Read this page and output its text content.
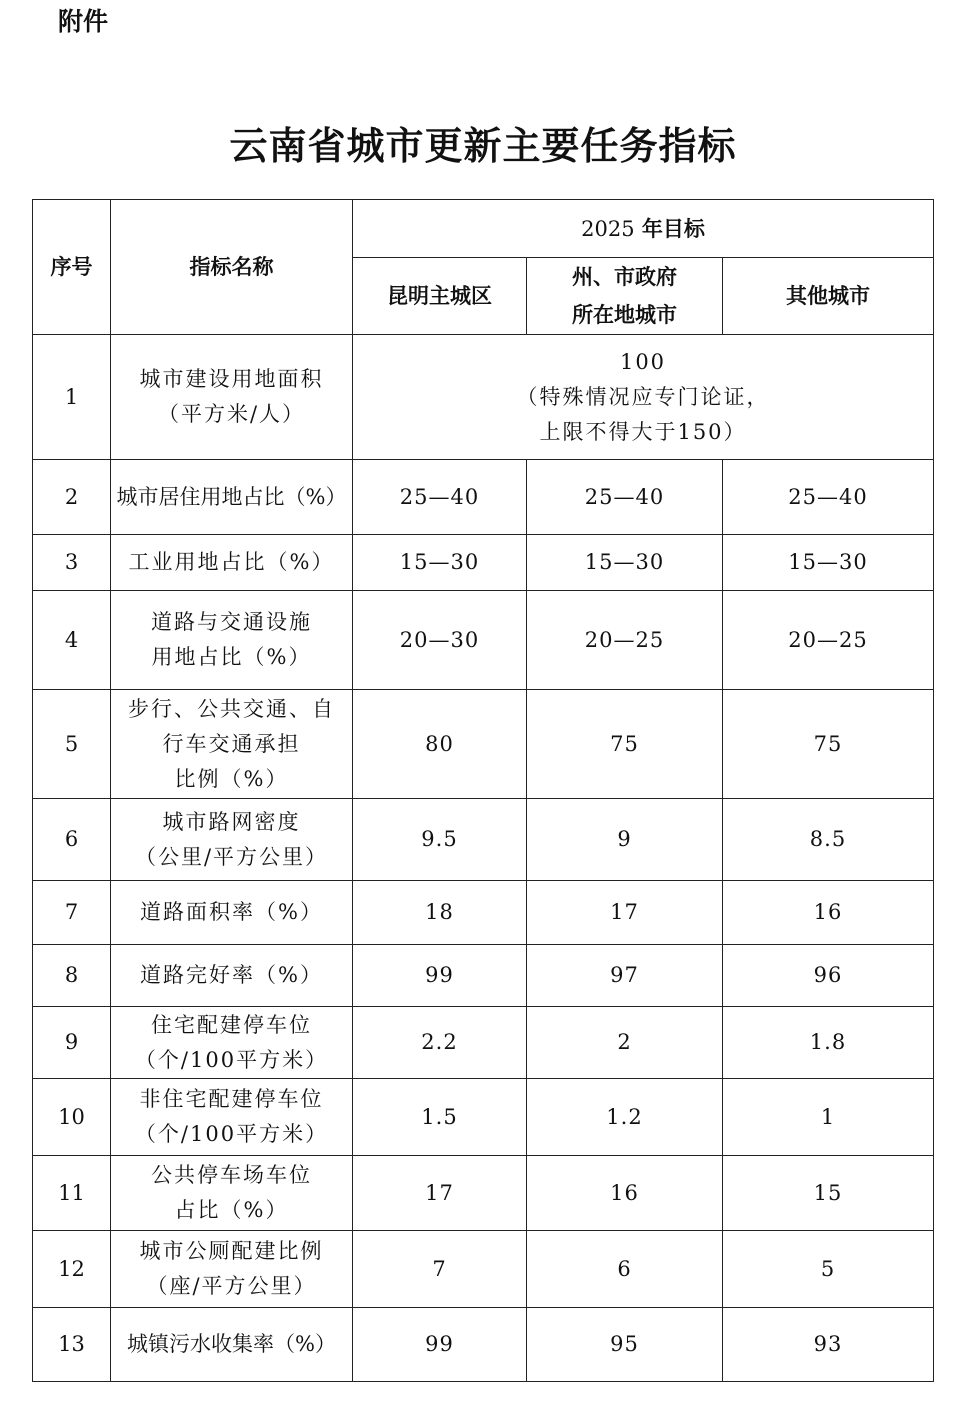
附件
云南省城市更新主要任务指标
序号	指标名称	2025 年目标		
		昆明主城区	州、市政府
所在地城市	其他城市
1	城市建设用地面积
（平方米/人）	100
（特殊情况应专门论证，
上限不得大于150）		

2	城市居住用地占比（%）	25—40	25—40	25—40
3	工业用地占比（%）	15—30	15—30	15—30
4	道路与交通设施
用地占比（%）	20—30	20—25	20—25
5	步行、公共交通、自
行车交通承担
比例（%）	80	75	75
6	城市路网密度
（公里/平方公里）	9.5	9	8.5
7	道路面积率（%）	18	17	16
8	道路完好率（%）	99	97	96
9	住宅配建停车位
（个/100平方米）	2.2	2	1.8
10	非住宅配建停车位
（个/100平方米）	1.5	1.2	1
11	公共停车场车位
占比（%）	17	16	15
12	城市公厕配建比例
（座/平方公里）	7	6	5
13	城镇污水收集率（%）	99	95	93
